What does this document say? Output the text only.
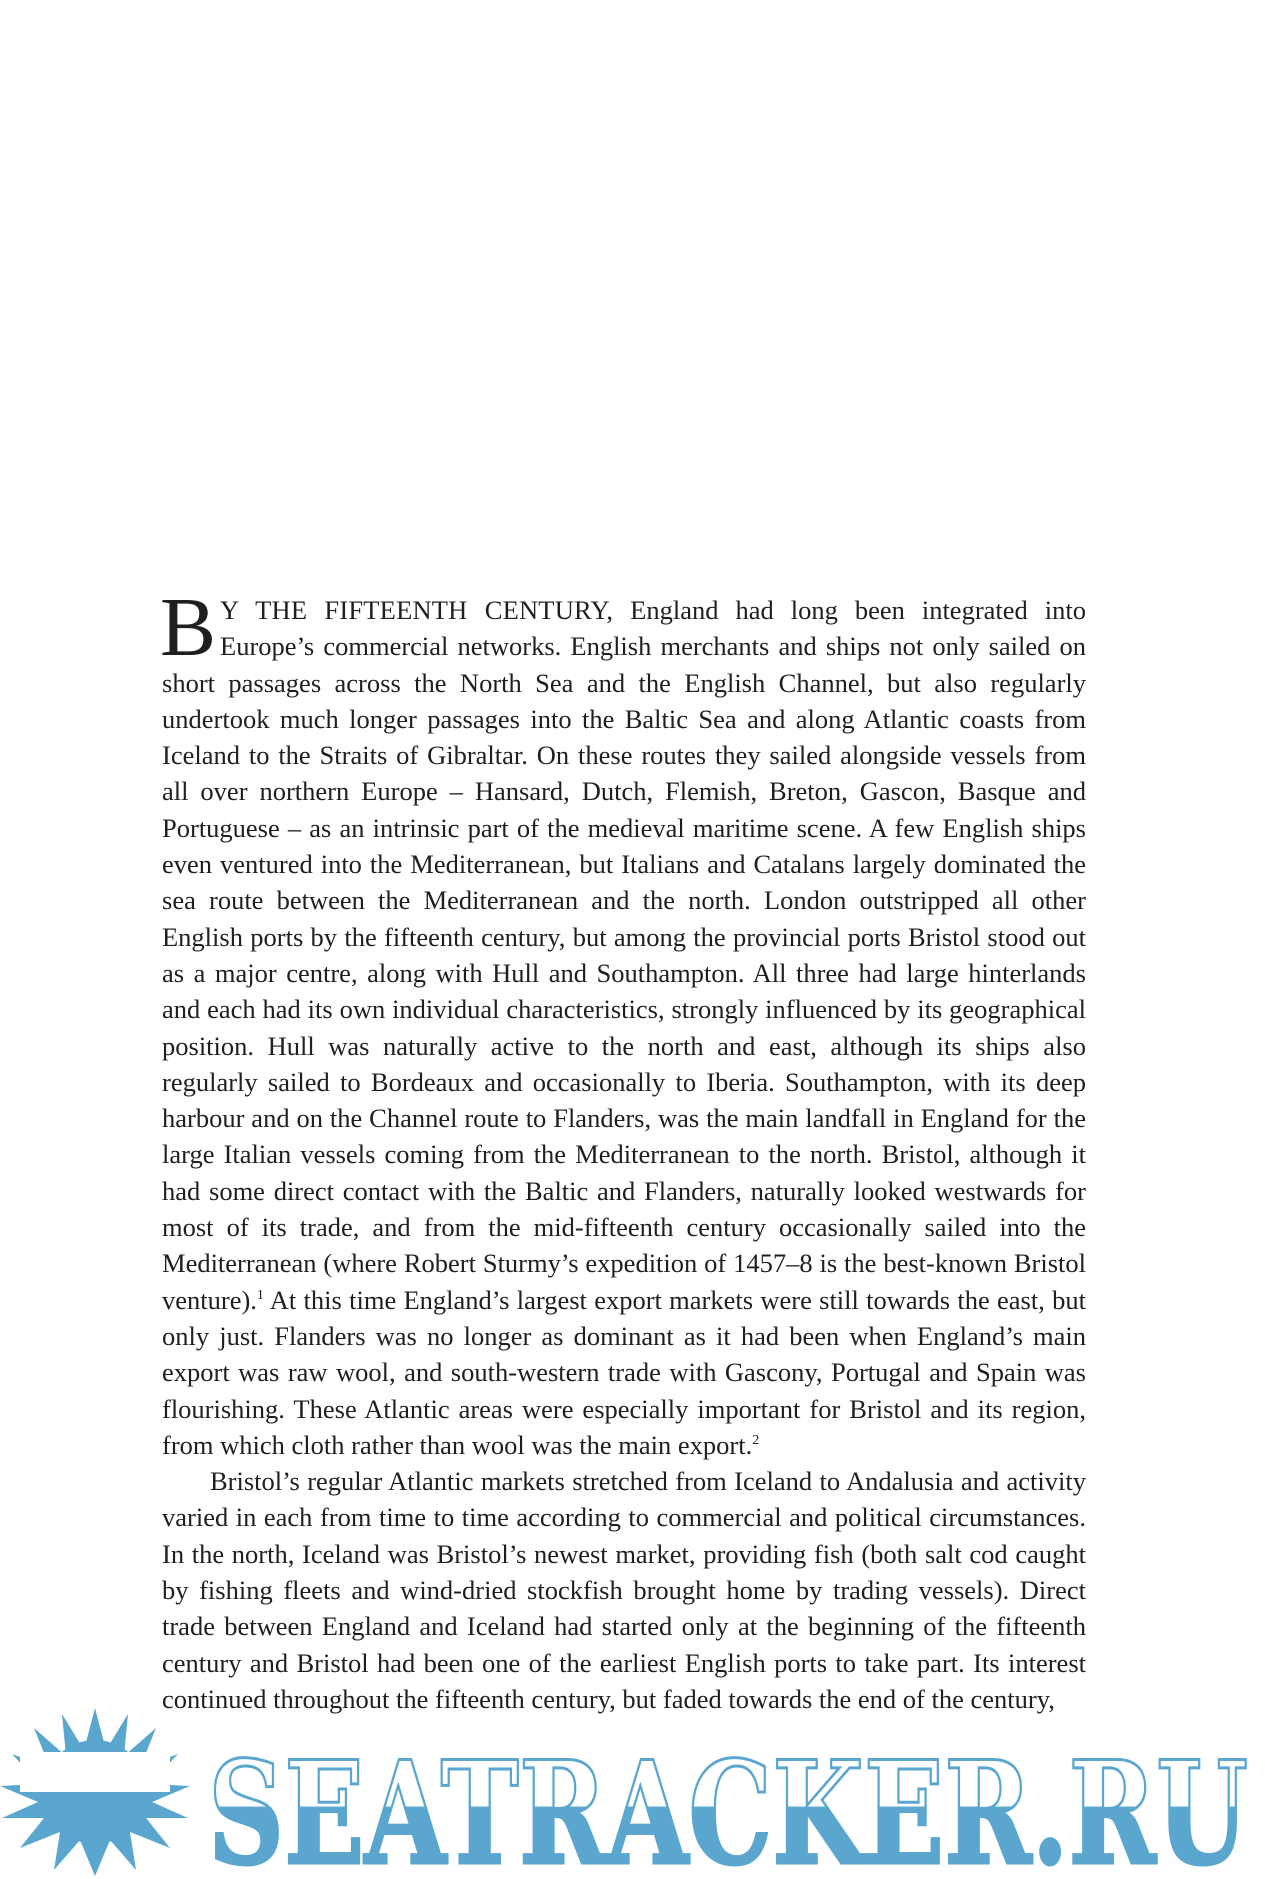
B Y THE FIFTEENTH CENTURY, England had long been integrated into Europe’s commercial networks. English merchants and ships not only sailed on short passages across the North Sea and the English Channel, but also regularly undertook much longer passages into the Baltic Sea and along Atlantic coasts from Iceland to the Straits of Gibraltar. On these routes they sailed alongside vessels from all over northern Europe – Hansard, Dutch, Flemish, Breton, Gascon, Basque and Portuguese – as an intrinsic part of the medieval maritime scene. A few English ships even ventured into the Mediterranean, but Italians and Catalans largely dominated the sea route between the Mediterranean and the north. London outstripped all other English ports by the fifteenth century, but among the provincial ports Bristol stood out as a major centre, along with Hull and Southampton. All three had large hinterlands and each had its own individual characteristics, strongly influenced by its geographical position. Hull was naturally active to the north and east, although its ships also regularly sailed to Bordeaux and occasionally to Iberia. Southampton, with its deep harbour and on the Channel route to Flanders, was the main landfall in England for the large Italian vessels coming from the Mediterranean to the north. Bristol, although it had some direct contact with the Baltic and Flanders, naturally looked westwards for most of its trade, and from the mid-fifteenth century occasionally sailed into the Mediterranean (where Robert Sturmy’s expedition of 1457–8 is the best-known Bristol venture).$^1$ At this time England’s largest export markets were still towards the east, but only just. Flanders was no longer as dominant as it had been when England’s main export was raw wool, and south-western trade with Gascony, Portugal and Spain was flourishing. These Atlantic areas were especially important for Bristol and its region, from which cloth rather than wool was the main export.$^2$

Bristol’s regular Atlantic markets stretched from Iceland to Andalusia and activity varied in each from time to time according to commercial and political circumstances. In the north, Iceland was Bristol’s newest market, providing fish (both salt cod caught by fishing fleets and wind-dried stockfish brought home by trading vessels). Direct trade between England and Iceland had started only at the beginning of the fifteenth century and Bristol had been one of the earliest English ports to take part. Its interest continued throughout the fifteenth century, but faded towards the end of the century,

SEATRACKER.RU
